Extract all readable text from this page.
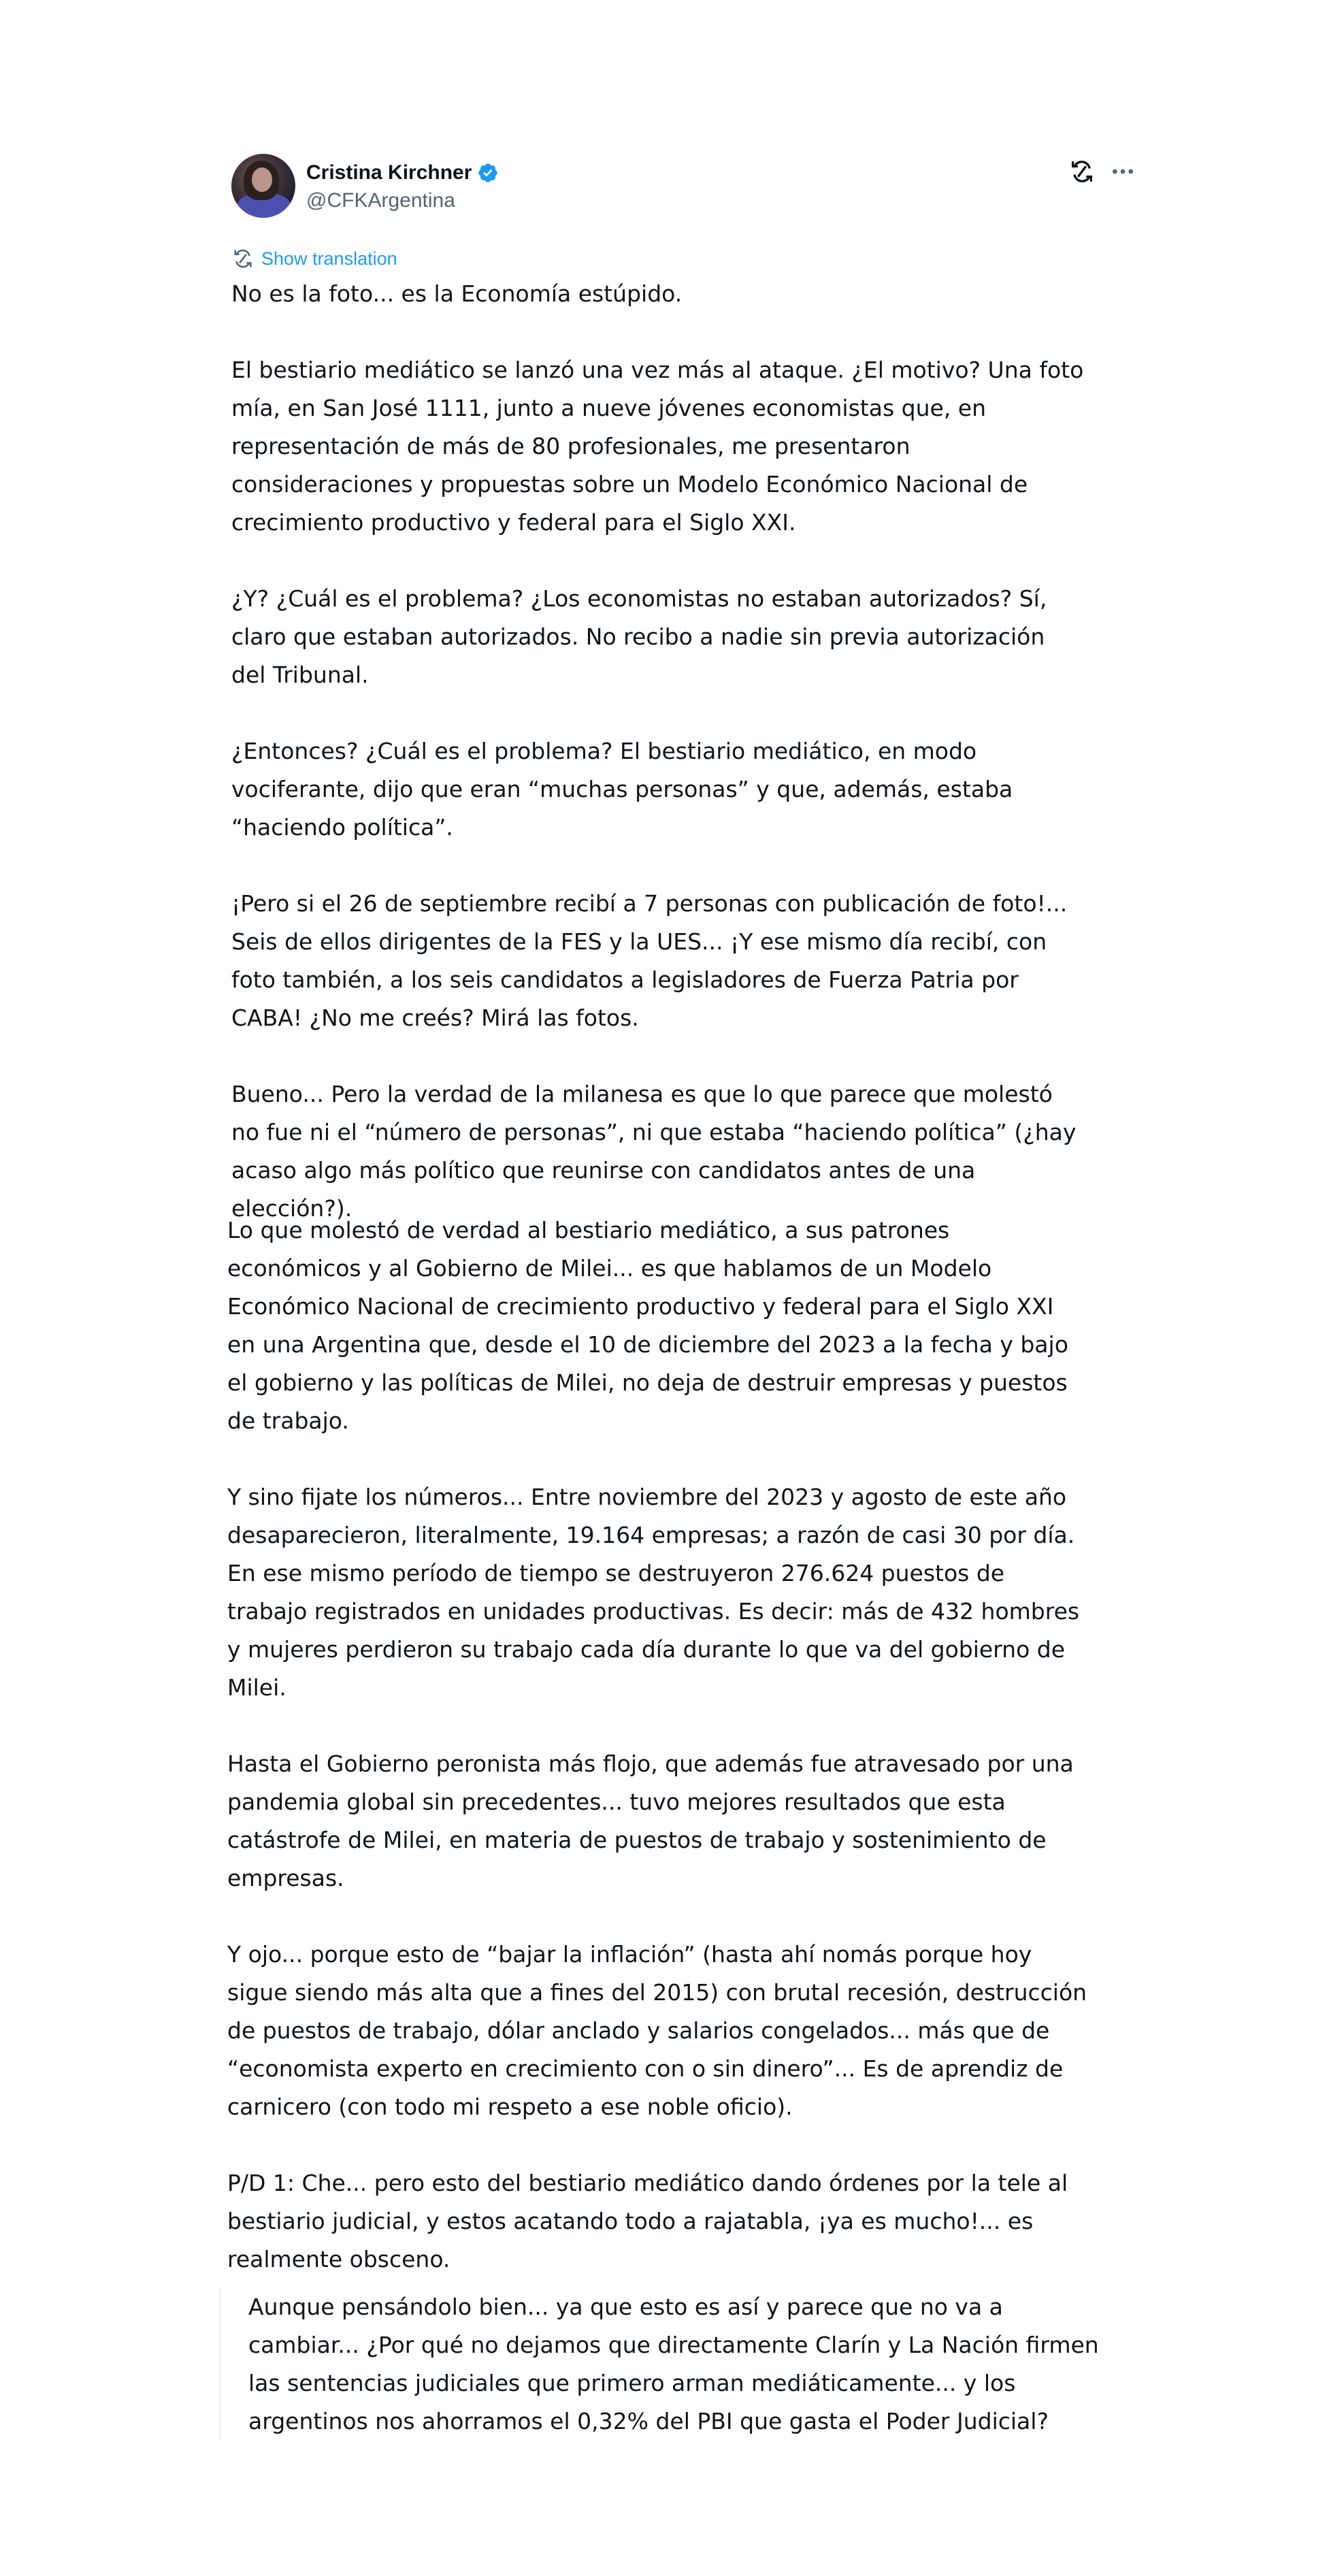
Cristina Kirchner
@CFKArgentina
Show translation

No es la foto... es la Economía estúpido.

El bestiario mediático se lanzó una vez más al ataque. ¿El motivo? Una foto
mía, en San José 1111, junto a nueve jóvenes economistas que, en
representación de más de 80 profesionales, me presentaron
consideraciones y propuestas sobre un Modelo Económico Nacional de
crecimiento productivo y federal para el Siglo XXI.

¿Y? ¿Cuál es el problema? ¿Los economistas no estaban autorizados? Sí,
claro que estaban autorizados. No recibo a nadie sin previa autorización
del Tribunal.

¿Entonces? ¿Cuál es el problema? El bestiario mediático, en modo
vociferante, dijo que eran “muchas personas” y que, además, estaba
“haciendo política”.

¡Pero si el 26 de septiembre recibí a 7 personas con publicación de foto!...
Seis de ellos dirigentes de la FES y la UES... ¡Y ese mismo día recibí, con
foto también, a los seis candidatos a legisladores de Fuerza Patria por
CABA! ¿No me creés? Mirá las fotos.

Bueno... Pero la verdad de la milanesa es que lo que parece que molestó
no fue ni el “número de personas”, ni que estaba “haciendo política” (¿hay
acaso algo más político que reunirse con candidatos antes de una
elección?).

Lo que molestó de verdad al bestiario mediático, a sus patrones
económicos y al Gobierno de Milei... es que hablamos de un Modelo
Económico Nacional de crecimiento productivo y federal para el Siglo XXI
en una Argentina que, desde el 10 de diciembre del 2023 a la fecha y bajo
el gobierno y las políticas de Milei, no deja de destruir empresas y puestos
de trabajo.

Y sino fijate los números... Entre noviembre del 2023 y agosto de este año
desaparecieron, literalmente, 19.164 empresas; a razón de casi 30 por día.
En ese mismo período de tiempo se destruyeron 276.624 puestos de
trabajo registrados en unidades productivas. Es decir: más de 432 hombres
y mujeres perdieron su trabajo cada día durante lo que va del gobierno de
Milei.

Hasta el Gobierno peronista más flojo, que además fue atravesado por una
pandemia global sin precedentes... tuvo mejores resultados que esta
catástrofe de Milei, en materia de puestos de trabajo y sostenimiento de
empresas.

Y ojo... porque esto de “bajar la inflación” (hasta ahí nomás porque hoy
sigue siendo más alta que a fines del 2015) con brutal recesión, destrucción
de puestos de trabajo, dólar anclado y salarios congelados... más que de
“economista experto en crecimiento con o sin dinero”... Es de aprendiz de
carnicero (con todo mi respeto a ese noble oficio).

P/D 1: Che... pero esto del bestiario mediático dando órdenes por la tele al
bestiario judicial, y estos acatando todo a rajatabla, ¡ya es mucho!... es
realmente obsceno.

Aunque pensándolo bien... ya que esto es así y parece que no va a
cambiar... ¿Por qué no dejamos que directamente Clarín y La Nación firmen
las sentencias judiciales que primero arman mediáticamente... y los
argentinos nos ahorramos el 0,32% del PBI que gasta el Poder Judicial?
